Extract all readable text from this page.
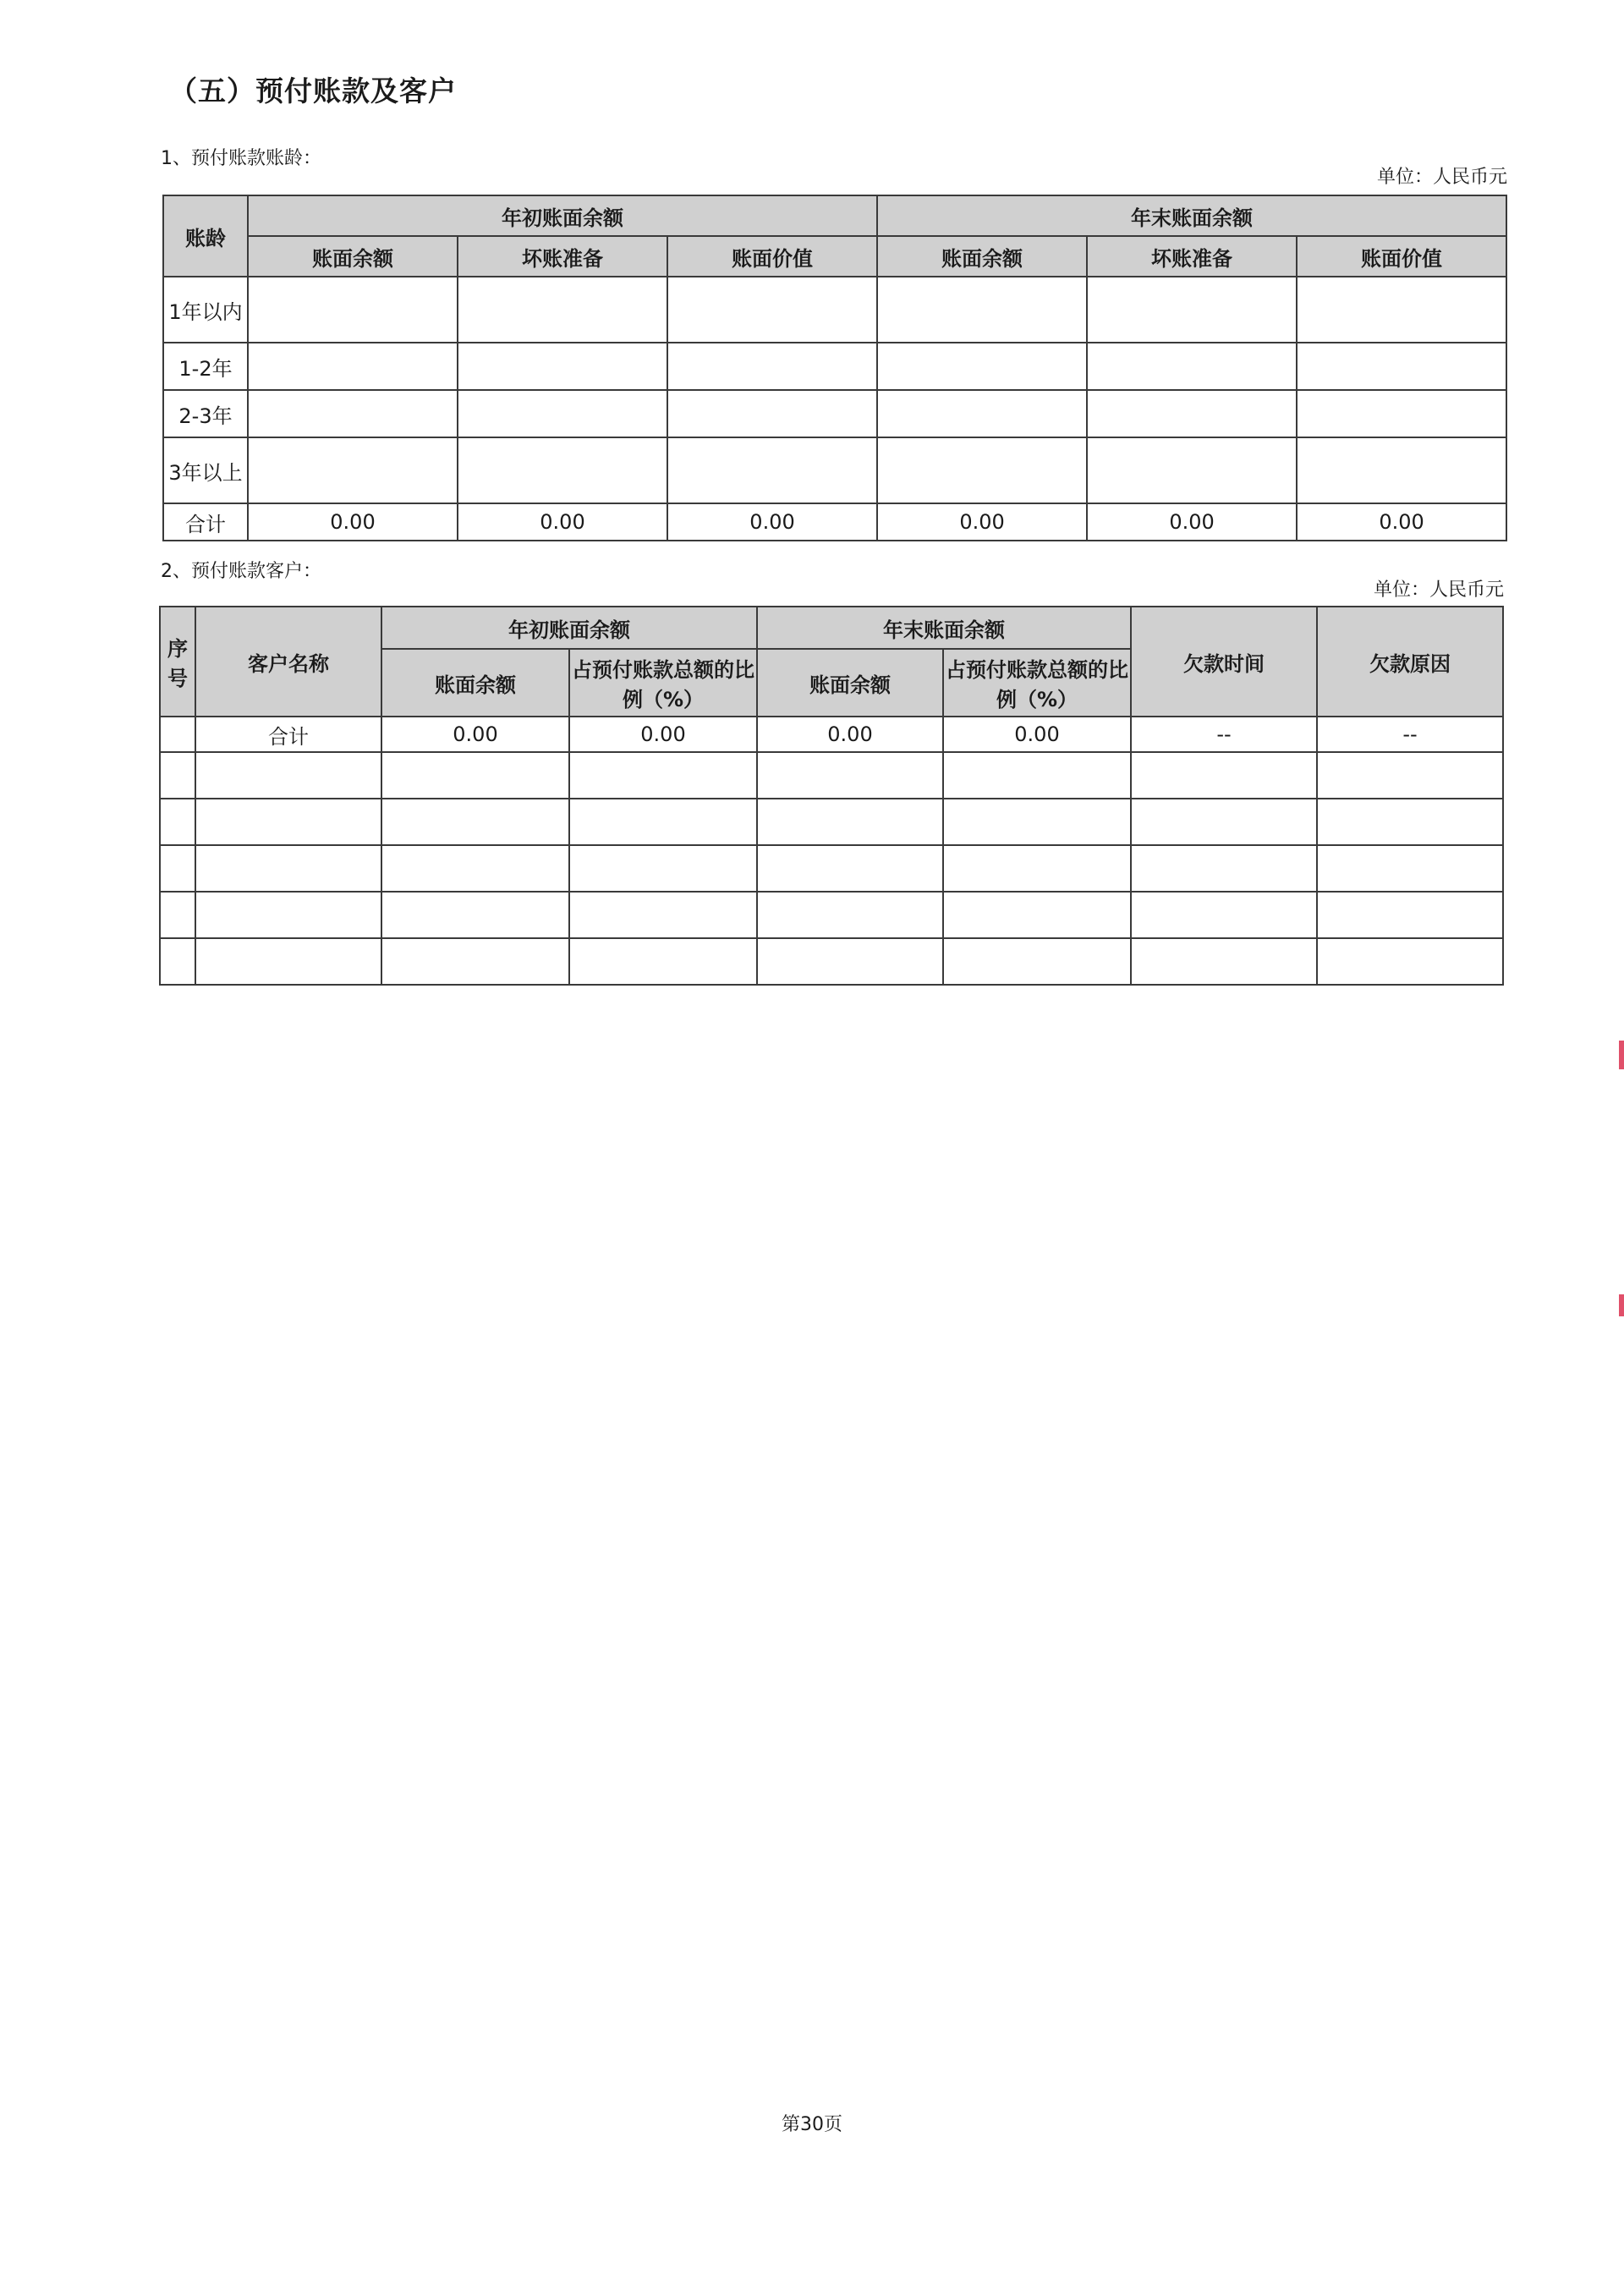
（五）预付账款及客户
1、预付账款账龄：
单位：人民币元
账龄	年初账面余额			年末账面余额		
	账面余额	坏账准备	账面价值	账面余额	坏账准备	账面价值
1年以内						
1-2年						
2-3年						
3年以上						
合计	0.00	0.00	0.00	0.00	0.00	0.00
2、预付账款客户：
单位：人民币元
序号	客户名称	年初账面余额		年末账面余额		欠款时间	欠款原因
		账面余额	占预付账款总额的比例（%）	账面余额	占预付账款总额的比例（%）		
	合计	0.00	0.00	0.00	0.00	--	--

第30页
